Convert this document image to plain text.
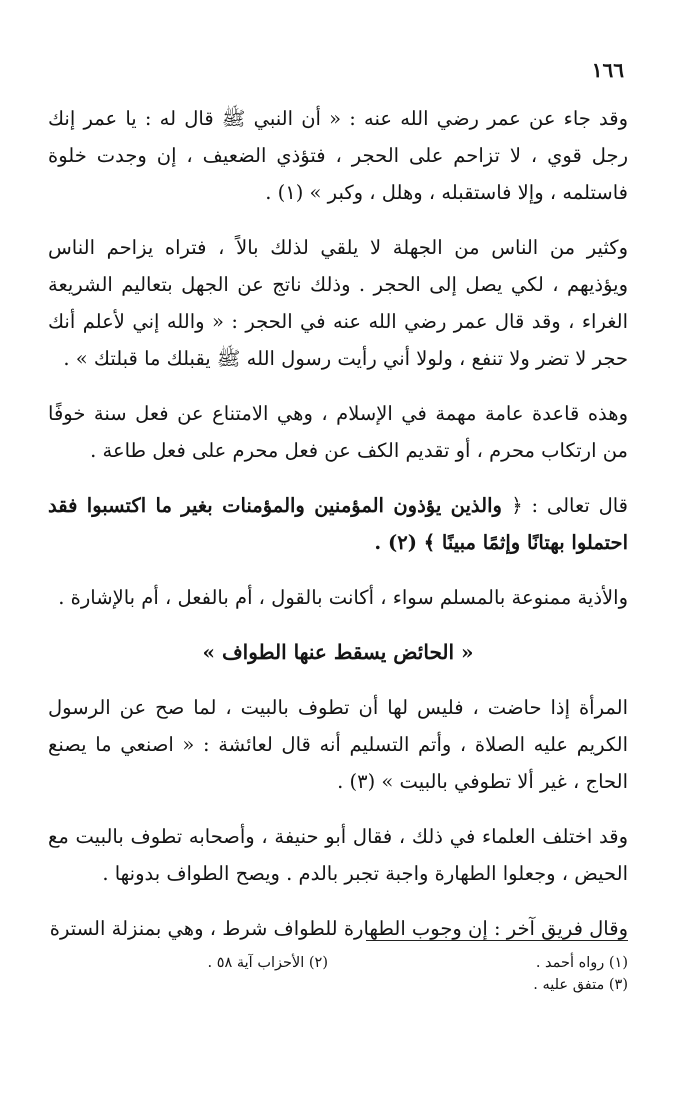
١٦٦

وقد جاء عن عمر رضي الله عنه : « أن النبي ﷺ قال له : يا عمر إنك رجل قوي ، لا تزاحم على الحجر ، فتؤذي الضعيف ، إن وجدت خلوة فاستلمه ، وإلا فاستقبله ، وهلل ، وكبر » (١) .

وكثير من الناس من الجهلة لا يلقي لذلك بالاً ، فتراه يزاحم الناس ويؤذيهم ، لكي يصل إلى الحجر . وذلك ناتج عن الجهل بتعاليم الشريعة الغراء ، وقد قال عمر رضي الله عنه في الحجر : « والله إني لأعلم أنك حجر لا تضر ولا تنفع ، ولولا أني رأيت رسول الله ﷺ يقبلك ما قبلتك » .

وهذه قاعدة عامة مهمة في الإسلام ، وهي الامتناع عن فعل سنة خوفًا من ارتكاب محرم ، أو تقديم الكف عن فعل محرم على فعل طاعة .

قال تعالى : ﴿ والذين يؤذون المؤمنين والمؤمنات بغير ما اكتسبوا فقد احتملوا بهتانًا وإثمًا مبينًا ﴾ (٢) .

والأذية ممنوعة بالمسلم سواء ، أكانت بالقول ، أم بالفعل ، أم بالإشارة .

« الحائض يسقط عنها الطواف »

المرأة إذا حاضت ، فليس لها أن تطوف بالبيت ، لما صح عن الرسول الكريم عليه الصلاة ، وأتم التسليم أنه قال لعائشة : « اصنعي ما يصنع الحاج ، غير ألا تطوفي بالبيت » (٣) .

وقد اختلف العلماء في ذلك ، فقال أبو حنيفة ، وأصحابه تطوف بالبيت مع الحيض ، وجعلوا الطهارة واجبة تجبر بالدم . ويصح الطواف بدونها .

وقال فريق آخر : إن وجوب الطهارة للطواف شرط ، وهي بمنزلة السترة

(١) رواه أحمد .
(٣) متفق عليه .
(٢) الأحزاب آية ٥٨ .
